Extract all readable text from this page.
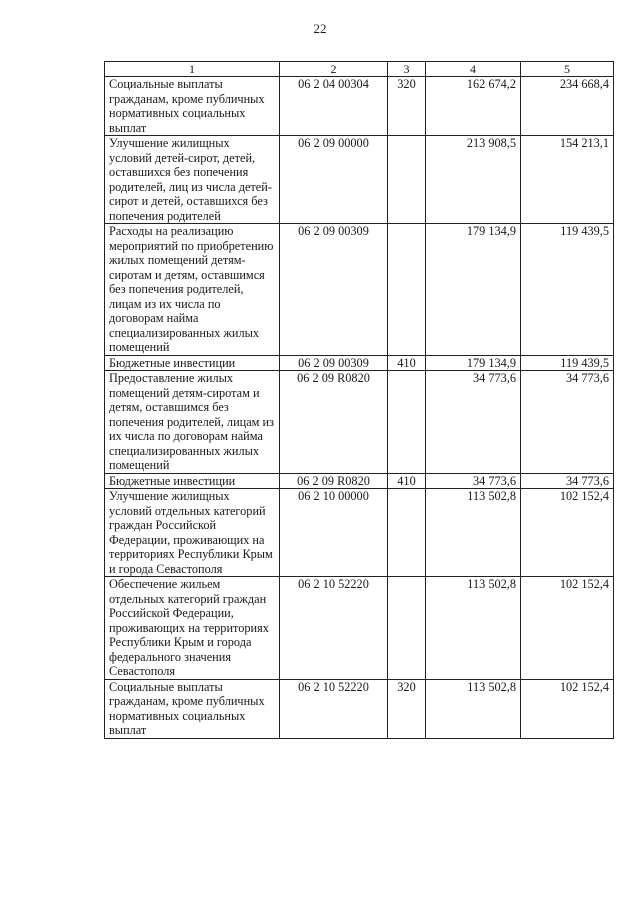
22
1	2	3	4	5
Социальные выплаты гражданам, кроме публичных нормативных социальных выплат	06 2 04 00304	320	162 674,2	234 668,4
Улучшение жилищных условий детей-сирот, детей, оставшихся без попечения родителей, лиц из числа детей-сирот и детей, оставшихся без попечения родителей	06 2 09 00000		213 908,5	154 213,1
Расходы на реализацию мероприятий по приобретению жилых помещений детям-сиротам и детям, оставшимся без попечения родителей, лицам из их числа по договорам найма специализированных жилых помещений	06 2 09 00309		179 134,9	119 439,5
Бюджетные инвестиции	06 2 09 00309	410	179 134,9	119 439,5
Предоставление жилых помещений детям-сиротам и детям, оставшимся без попечения родителей, лицам из их числа по договорам найма специализированных жилых помещений	06 2 09 R0820		34 773,6	34 773,6
Бюджетные инвестиции	06 2 09 R0820	410	34 773,6	34 773,6
Улучшение жилищных условий отдельных категорий граждан Российской Федерации, проживающих на территориях Республики Крым и города Севастополя	06 2 10 00000		113 502,8	102 152,4
Обеспечение жильем отдельных категорий граждан Российской Федерации, проживающих на территориях Республики Крым и города федерального значения Севастополя	06 2 10 52220		113 502,8	102 152,4
Социальные выплаты гражданам, кроме публичных нормативных социальных выплат	06 2 10 52220	320	113 502,8	102 152,4
